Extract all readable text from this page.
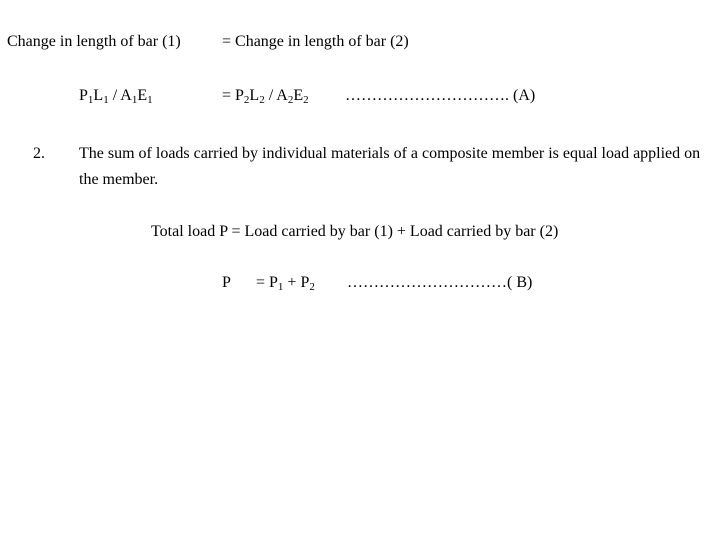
Change in length of bar (1)	= Change in length of bar (2)
$P_1L_1 / A_1E_1$	= $P_2L_2 / A_2E_2$ …………………………. (A)
2. The sum of loads carried by individual materials of a composite member is equal load applied on the member.
Total load P = Load carried by bar (1) + Load carried by bar (2)
$P = P_1 + P_2$ …………………………( B)
